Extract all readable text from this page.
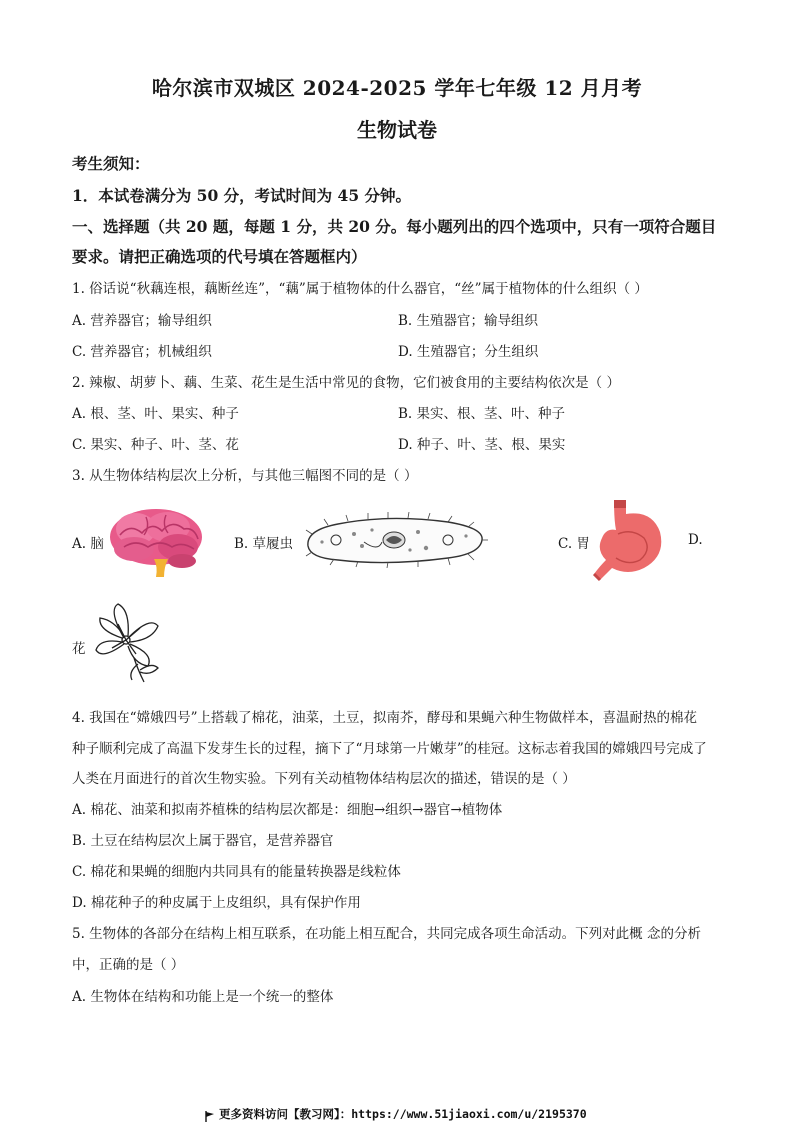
哈尔滨市双城区 2024-2025 学年七年级 12 月月考
生物试卷
考生须知：
1．本试卷满分为 50 分，考试时间为 45 分钟。
一、选择题（共 20 题，每题 1 分，共 20 分。每小题列出的四个选项中，只有一项符合题目
要求。请把正确选项的代号填在答题框内）
1. 俗话说“秋藕连根，藕断丝连”，“藕”属于植物体的什么器官，“丝”属于植物体的什么组织（ ）
A. 营养器官；输导组织	B. 生殖器官；输导组织
C. 营养器官；机械组织	D. 生殖器官；分生组织
2. 辣椒、胡萝卜、藕、生菜、花生是生活中常见的食物，它们被食用的主要结构依次是（ ）
A. 根、茎、叶、果实、种子	B. 果实、根、茎、叶、种子
C. 果实、种子、叶、茎、花	D. 种子、叶、茎、根、果实
3. 从生物体结构层次上分析，与其他三幅图不同的是（ ）
A. 脑	B. 草履虫	C. 胃	D.
花
4. 我国在“嫦娥四号”上搭载了棉花，油菜，土豆，拟南芥，酵母和果蝇六种生物做样本，喜温耐热的棉花
种子顺利完成了高温下发芽生长的过程，摘下了“月球第一片嫩芽”的桂冠。这标志着我国的嫦娥四号完成了
人类在月面进行的首次生物实验。下列有关动植物体结构层次的描述，错误的是（ ）
A. 棉花、油菜和拟南芥植株的结构层次都是：细胞→组织→器官→植物体
B. 土豆在结构层次上属于器官，是营养器官
C. 棉花和果蝇的细胞内共同具有的能量转换器是线粒体
D. 棉花种子的种皮属于上皮组织，具有保护作用
5. 生物体的各部分在结构上相互联系，在功能上相互配合，共同完成各项生命活动。下列对此概 念的分析
中，正确的是（ ）
A. 生物体在结构和功能上是一个统一的整体
更多资料访问【教习网】：https://www.51jiaoxi.com/u/2195370
